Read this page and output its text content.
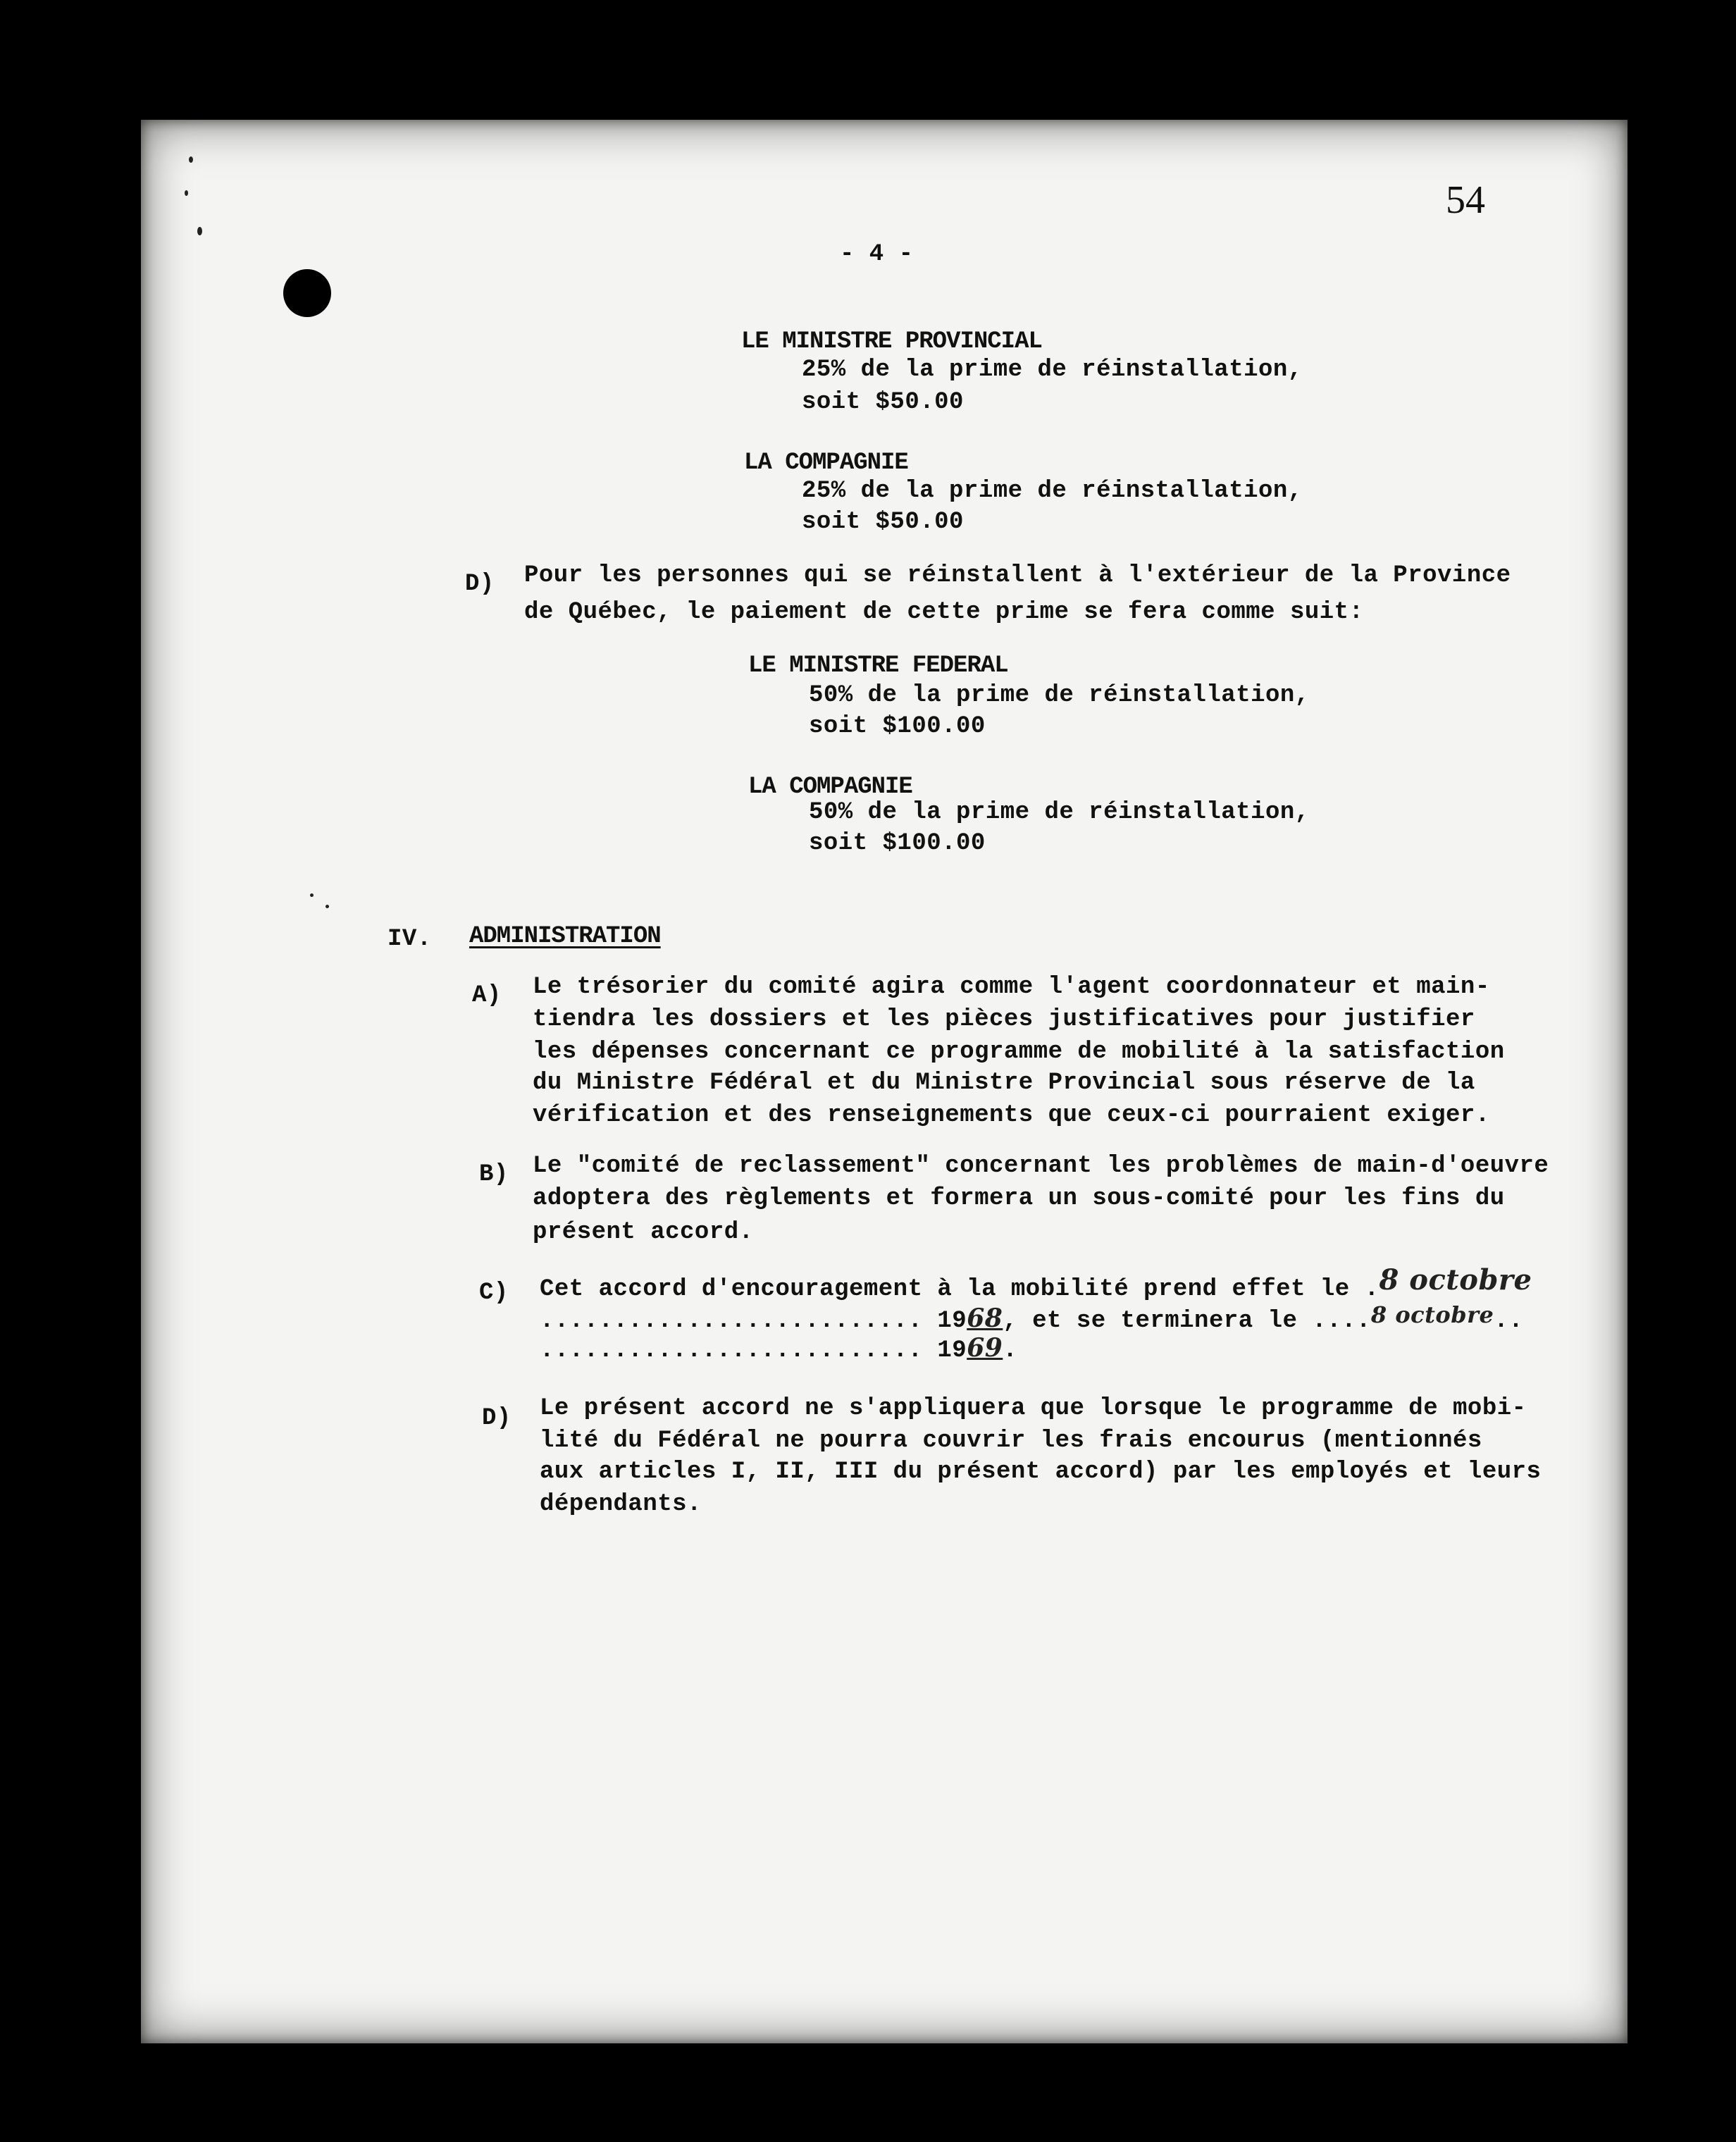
54
- 4 -
LE MINISTRE PROVINCIAL
25% de la prime de réinstallation,
soit $50.00
LA COMPAGNIE
25% de la prime de réinstallation,
soit $50.00
D) Pour les personnes qui se réinstallent à l'extérieur de la Province
de Québec, le paiement de cette prime se fera comme suit:
LE MINISTRE FEDERAL
50% de la prime de réinstallation,
soit $100.00
LA COMPAGNIE
50% de la prime de réinstallation,
soit $100.00
IV. ADMINISTRATION
A) Le trésorier du comité agira comme l'agent coordonnateur et main-
tiendra les dossiers et les pièces justificatives pour justifier
les dépenses concernant ce programme de mobilité à la satisfaction
du Ministre Fédéral et du Ministre Provincial sous réserve de la
vérification et des renseignements que ceux-ci pourraient exiger.
B) Le "comité de reclassement" concernant les problèmes de main-d'oeuvre
adoptera des règlements et formera un sous-comité pour les fins du
présent accord.
C) Cet accord d'encouragement à la mobilité prend effet le .8 octobre
.......................... 1968, et se terminera le ....8 octobre..
.......................... 1969.
D) Le présent accord ne s'appliquera que lorsque le programme de mobi-
lité du Fédéral ne pourra couvrir les frais encourus (mentionnés
aux articles I, II, III du présent accord) par les employés et leurs
dépendants.
